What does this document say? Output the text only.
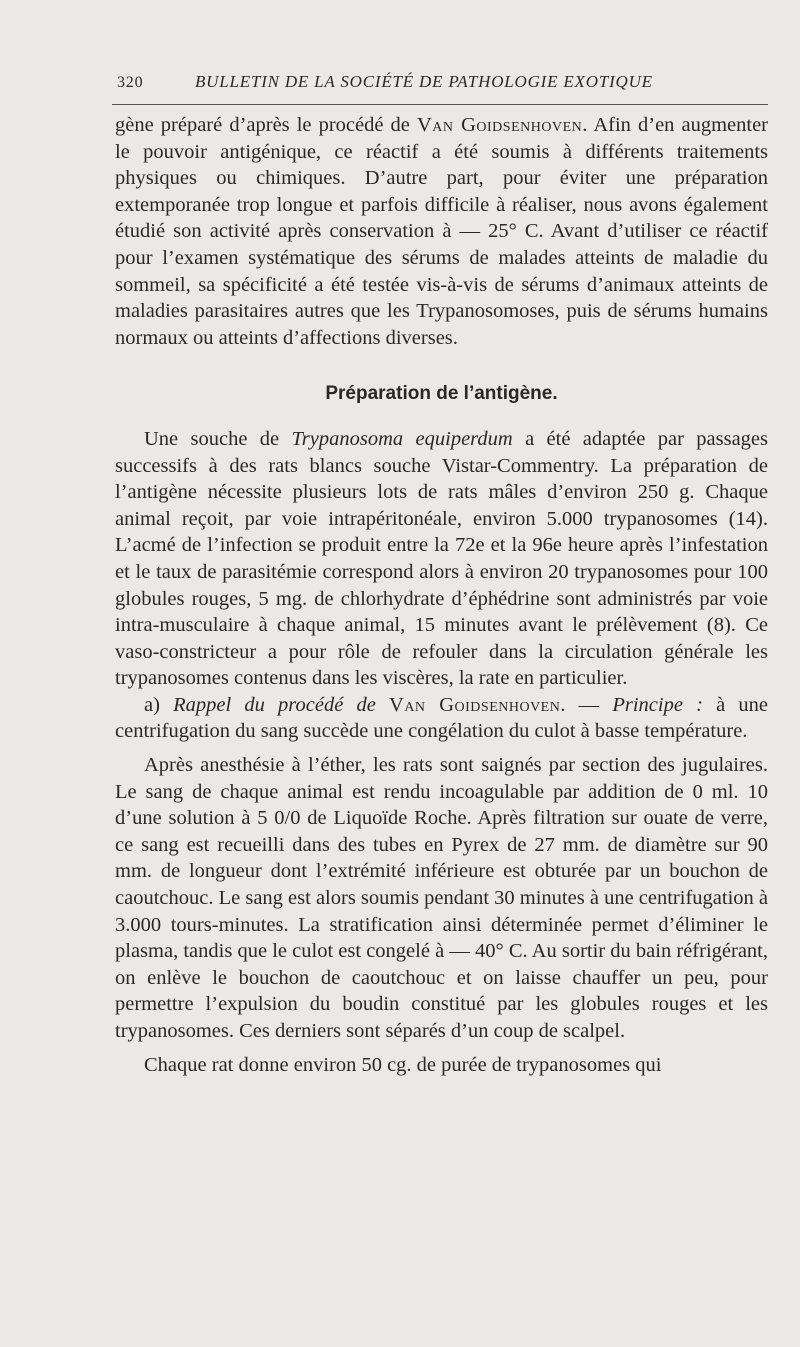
320	BULLETIN DE LA SOCIÉTÉ DE PATHOLOGIE EXOTIQUE

gène préparé d’après le procédé de Van Goidsenhoven. Afin d’en augmenter le pouvoir antigénique, ce réactif a été soumis à différents traitements physiques ou chimiques. D’autre part, pour éviter une préparation extemporanée trop longue et parfois difficile à réaliser, nous avons également étudié son activité après conservation à — 25° C. Avant d’utiliser ce réactif pour l’examen systématique des sérums de malades atteints de maladie du sommeil, sa spécificité a été testée vis-à-vis de sérums d’animaux atteints de maladies parasitaires autres que les Trypanosomoses, puis de sérums humains normaux ou atteints d’affections diverses.

Préparation de l’antigène.

Une souche de Trypanosoma equiperdum a été adaptée par passages successifs à des rats blancs souche Vistar-Commentry. La préparation de l’antigène nécessite plusieurs lots de rats mâles d’environ 250 g. Chaque animal reçoit, par voie intrapéritonéale, environ 5.000 trypanosomes (14). L’acmé de l’infection se produit entre la 72e et la 96e heure après l’infestation et le taux de parasitémie correspond alors à environ 20 trypanosomes pour 100 globules rouges, 5 mg. de chlorhydrate d’éphédrine sont administrés par voie intra-musculaire à chaque animal, 15 minutes avant le prélèvement (8). Ce vaso-constricteur a pour rôle de refouler dans la circulation générale les trypanosomes contenus dans les viscères, la rate en particulier.

a) Rappel du procédé de Van Goidsenhoven. — Principe : à une centrifugation du sang succède une congélation du culot à basse température.

Après anesthésie à l’éther, les rats sont saignés par section des jugulaires. Le sang de chaque animal est rendu incoagulable par addition de 0 ml. 10 d’une solution à 5 0/0 de Liquoïde Roche. Après filtration sur ouate de verre, ce sang est recueilli dans des tubes en Pyrex de 27 mm. de diamètre sur 90 mm. de longueur dont l’extrémité inférieure est obturée par un bouchon de caoutchouc. Le sang est alors soumis pendant 30 minutes à une centrifugation à 3.000 tours-minutes. La stratification ainsi déterminée permet d’éliminer le plasma, tandis que le culot est congelé à — 40° C. Au sortir du bain réfrigérant, on enlève le bouchon de caoutchouc et on laisse chauffer un peu, pour permettre l’expulsion du boudin constitué par les globules rouges et les trypanosomes. Ces derniers sont séparés d’un coup de scalpel.

Chaque rat donne environ 50 cg. de purée de trypanosomes qui
